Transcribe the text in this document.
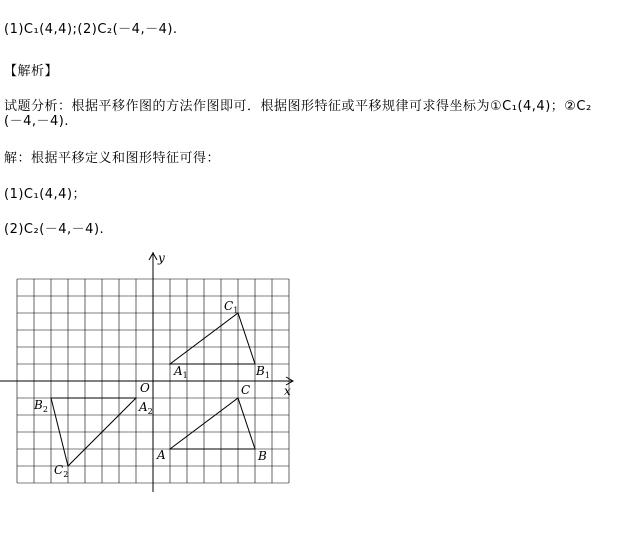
(1)C₁(4,4);(2)C₂(－4,－4).
【解析】
试题分析：根据平移作图的方法作图即可．根据图形特征或平移规律可求得坐标为①C₁(4,4)；②C₂
(－4,－4).
解：根据平移定义和图形特征可得：
(1)C₁(4,4)；
(2)C₂(－4,－4).
x
y
O
A	B
C
$A_1$	$B_1$
$C_1$
$A_2$
$B_2$
$C_2$
